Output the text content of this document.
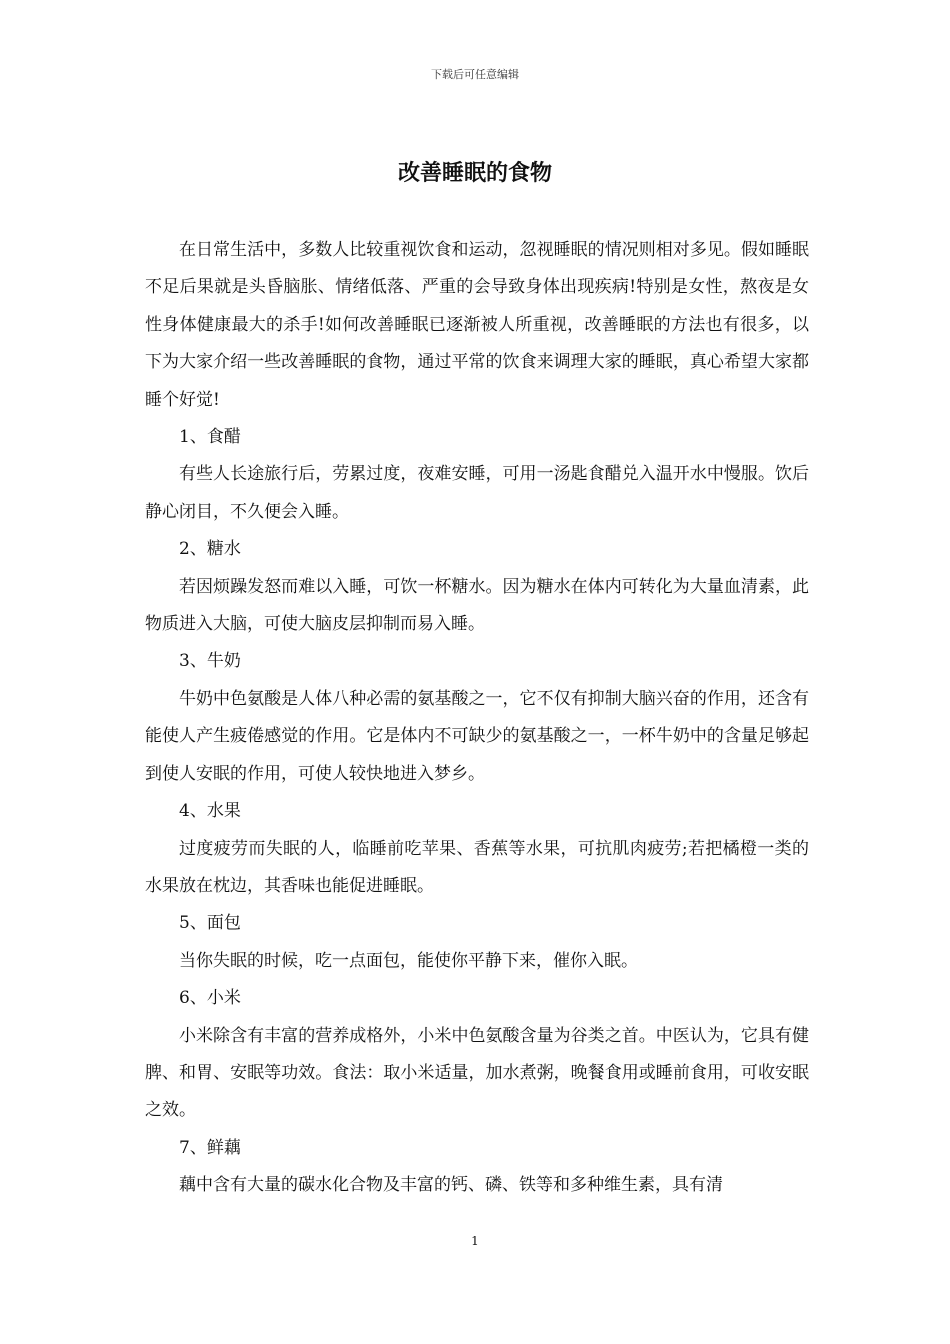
下载后可任意编辑
改善睡眠的食物

在日常生活中，多数人比较重视饮食和运动，忽视睡眠的情况则相对多见。假如睡眠不足后果就是头昏脑胀、情绪低落、严重的会导致身体出现疾病!特别是女性，熬夜是女性身体健康最大的杀手!如何改善睡眠已逐渐被人所重视，改善睡眠的方法也有很多，以下为大家介绍一些改善睡眠的食物，通过平常的饮食来调理大家的睡眠，真心希望大家都睡个好觉!

1、食醋

有些人长途旅行后，劳累过度，夜难安睡，可用一汤匙食醋兑入温开水中慢服。饮后静心闭目，不久便会入睡。

2、糖水

若因烦躁发怒而难以入睡，可饮一杯糖水。因为糖水在体内可转化为大量血清素，此物质进入大脑，可使大脑皮层抑制而易入睡。

3、牛奶

牛奶中色氨酸是人体八种必需的氨基酸之一，它不仅有抑制大脑兴奋的作用，还含有能使人产生疲倦感觉的作用。它是体内不可缺少的氨基酸之一，一杯牛奶中的含量足够起到使人安眠的作用，可使人较快地进入梦乡。

4、水果

过度疲劳而失眠的人，临睡前吃苹果、香蕉等水果，可抗肌肉疲劳;若把橘橙一类的水果放在枕边，其香味也能促进睡眠。

5、面包

当你失眠的时候，吃一点面包，能使你平静下来，催你入眠。

6、小米

小米除含有丰富的营养成格外，小米中色氨酸含量为谷类之首。中医认为，它具有健脾、和胃、安眠等功效。食法：取小米适量，加水煮粥，晚餐食用或睡前食用，可收安眠之效。

7、鲜藕

藕中含有大量的碳水化合物及丰富的钙、磷、铁等和多种维生素，具有清

1
